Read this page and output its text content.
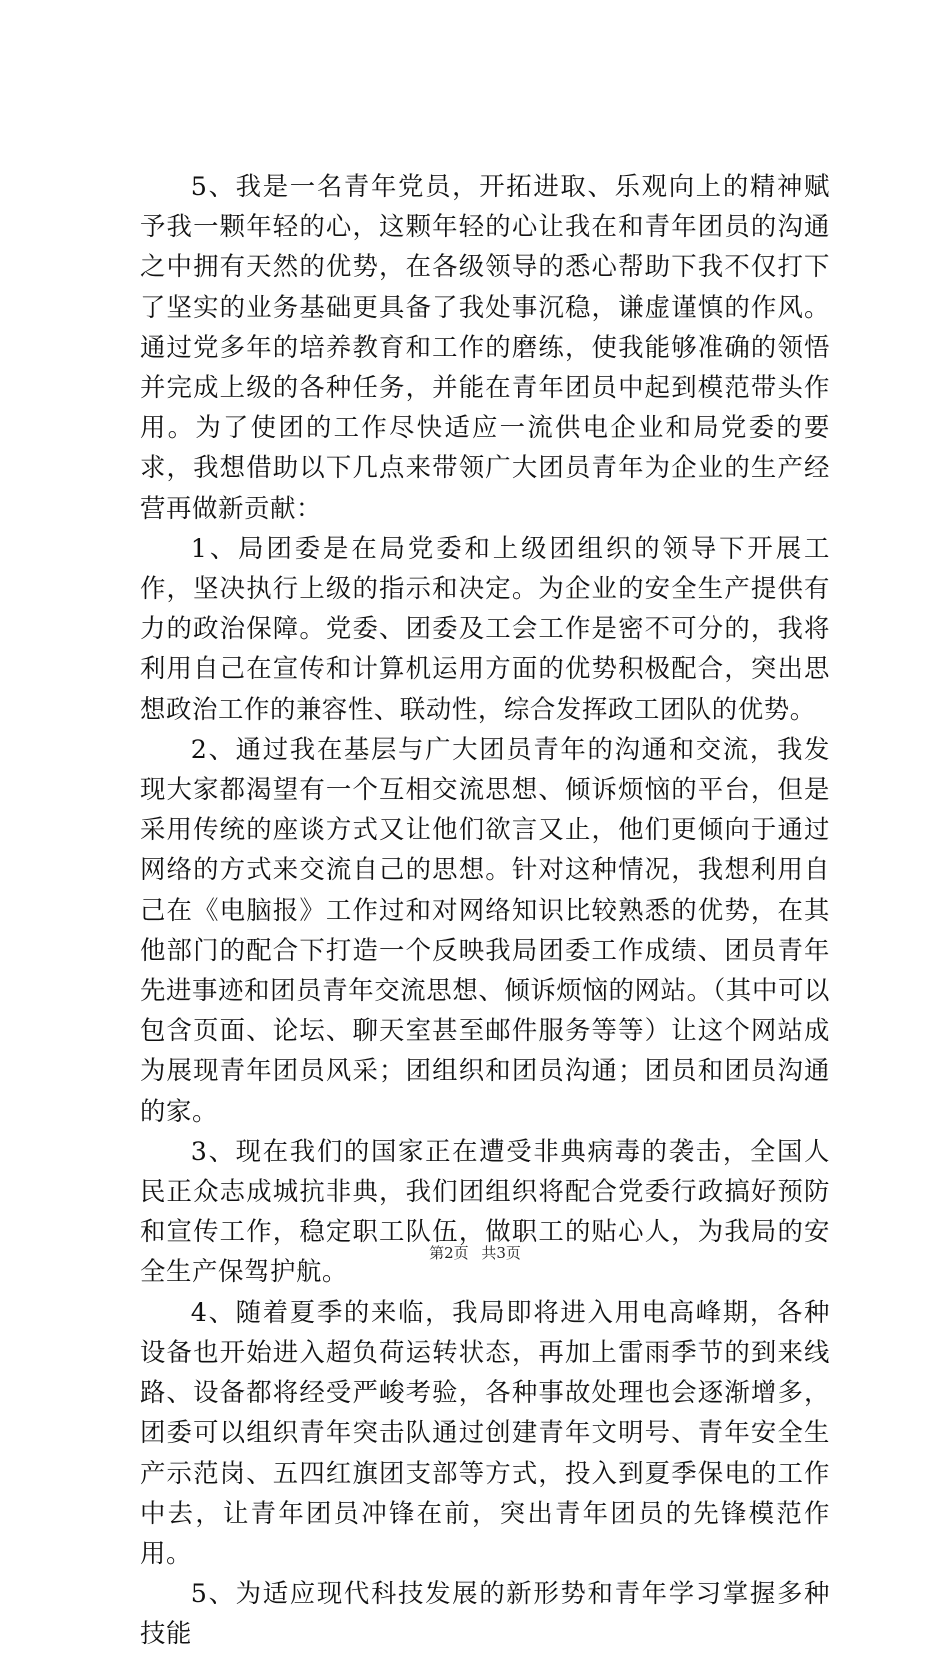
5、我是一名青年党员，开拓进取、乐观向上的精神赋予我一颗年轻的心，这颗年轻的心让我在和青年团员的沟通之中拥有天然的优势，在各级领导的悉心帮助下我不仅打下了坚实的业务基础更具备了我处事沉稳，谦虚谨慎的作风。通过党多年的培养教育和工作的磨练，使我能够准确的领悟并完成上级的各种任务，并能在青年团员中起到模范带头作用。为了使团的工作尽快适应一流供电企业和局党委的要求，我想借助以下几点来带领广大团员青年为企业的生产经营再做新贡献：

1、局团委是在局党委和上级团组织的领导下开展工作，坚决执行上级的指示和决定。为企业的安全生产提供有力的政治保障。党委、团委及工会工作是密不可分的，我将利用自己在宣传和计算机运用方面的优势积极配合，突出思想政治工作的兼容性、联动性，综合发挥政工团队的优势。

2、通过我在基层与广大团员青年的沟通和交流，我发现大家都渴望有一个互相交流思想、倾诉烦恼的平台，但是采用传统的座谈方式又让他们欲言又止，他们更倾向于通过网络的方式来交流自己的思想。针对这种情况，我想利用自己在《电脑报》工作过和对网络知识比较熟悉的优势，在其他部门的配合下打造一个反映我局团委工作成绩、团员青年先进事迹和团员青年交流思想、倾诉烦恼的网站。（其中可以包含页面、论坛、聊天室甚至邮件服务等等）让这个网站成为展现青年团员风采；团组织和团员沟通；团员和团员沟通的家。

3、现在我们的国家正在遭受非典病毒的袭击，全国人民正众志成城抗非典，我们团组织将配合党委行政搞好预防和宣传工作，稳定职工队伍，做职工的贴心人，为我局的安全生产保驾护航。

4、随着夏季的来临，我局即将进入用电高峰期，各种设备也开始进入超负荷运转状态，再加上雷雨季节的到来线路、设备都将经受严峻考验，各种事故处理也会逐渐增多，团委可以组织青年突击队通过创建青年文明号、青年安全生产示范岗、五四红旗团支部等方式，投入到夏季保电的工作中去，让青年团员冲锋在前，突出青年团员的先锋模范作用。

5、为适应现代科技发展的新形势和青年学习掌握多种技能

第2页 共3页
